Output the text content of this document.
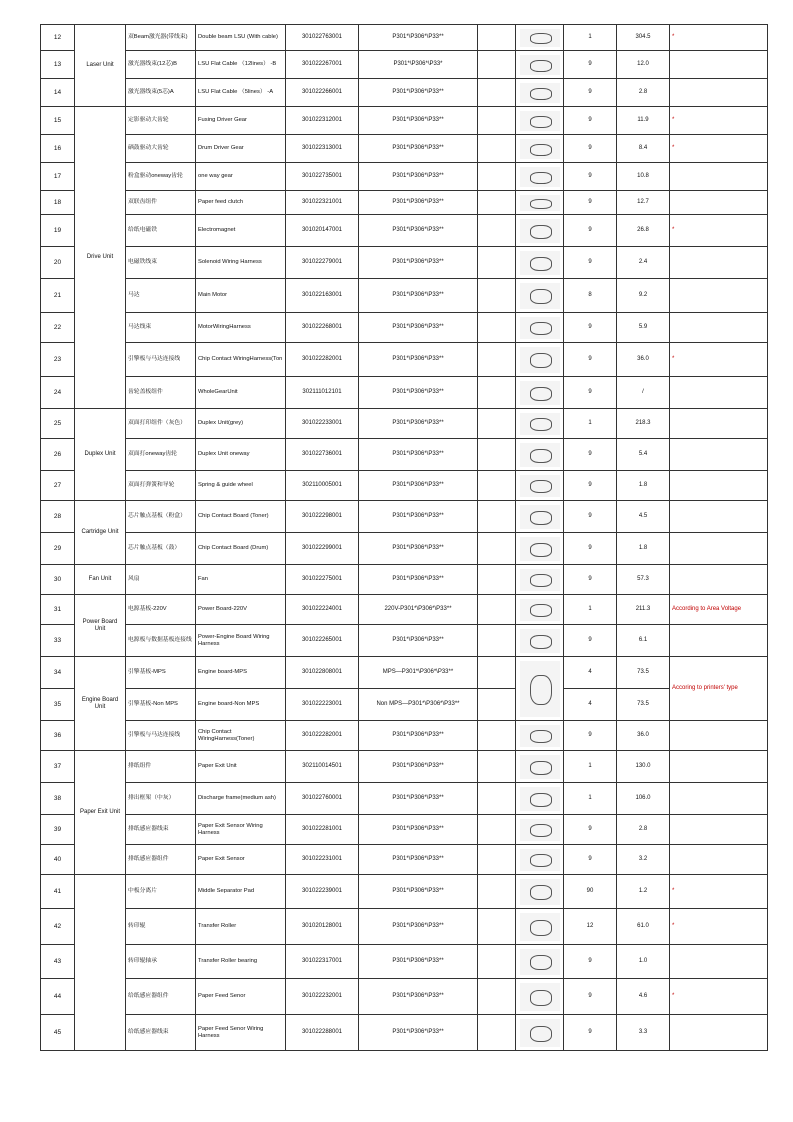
12	Laser Unit	双Beam激光器(带线束)	Double beam LSU (With cable)	301022763001	P301*\P306*\P33**			1	304.5	*
13		激光器线束(12芯)B	LSU Flat Cable （12lines） -B	301022267001	P301*\P306*\P33*			9	12.0	
14		激光器线束(5芯)A	LSU Flat Cable （5lines） -A	301022266001	P301*\P306*\P33**			9	2.8	
15	Drive Unit	定影驱动大齿轮	Fusing Driver Gear	301022312001	P301*\P306*\P33**			9	11.9	*
16		硒鼓驱动大齿轮	Drum Driver Gear	301022313001	P301*\P306*\P33**			9	8.4	*
17		粉盒驱动oneway齿轮	one way gear	301022735001	P301*\P306*\P33**			9	10.8	
18		双联齿组件	Paper feed clutch	301022321001	P301*\P306*\P33**			9	12.7	
19		给纸电磁铁	Electromagnet	301020147001	P301*\P306*\P33**			9	26.8	*
20		电磁铁线束	Solenoid Wiring Harness	301022279001	P301*\P306*\P33**			9	2.4	
21		马达	Main Motor	301022163001	P301*\P306*\P33**			8	9.2	
22		马达线束	MotorWiringHarness	301022268001	P301*\P306*\P33**			9	5.9	
23		引擎板与马达连接线	Chip Contact WiringHarness(Ton	301022282001	P301*\P306*\P33**			9	36.0	*
24		齿轮盖板组件	WholeGearUnit	302111012101	P301*\P306*\P33**			9	/	
25	Duplex Unit	双面打印组件（灰色）	Duplex Unit(grey)	301022233001	P301*\P306*\P33**			1	218.3	
26		双面打oneway齿轮	Duplex Unit oneway	301022736001	P301*\P306*\P33**			9	5.4	
27		双面打弹簧和导轮	Spring & guide wheel	302110005001	P301*\P306*\P33**			9	1.8	
28	Cartridge Unit	芯片触点基板（粉盒）	Chip Contact Board (Toner)	301022298001	P301*\P306*\P33**			9	4.5	
29		芯片触点基板（鼓）	Chip Contact Board (Drum)	301022299001	P301*\P306*\P33**			9	1.8	
30	Fan Unit	风扇	Fan	301022275001	P301*\P306*\P33**			9	57.3	
31	Power Board Unit	电源基板-220V	Power Board-220V	301022224001	220V-P301*\P306*\P33**			1	211.3	According to Area Voltage
33		电源板与数据基板连接线	Power-Engine Board Wiring Harness	301022265001	P301*\P306*\P33**			9	6.1	
34	Engine Board Unit	引擎基板-MPS	Engine board-MPS	301022808001	MPS—P301*\P306*\P33**			4	73.5	Accoring to printers' type
35		引擎基板-Non MPS	Engine board-Non MPS	301022223001	Non MPS—P301*\P306*\P33**			4	73.5	
36		引擎板与马达连接线	Chip Contact WiringHarness(Toner)	301022282001	P301*\P306*\P33**			9	36.0	
37	Paper Exit Unit	排纸组件	Paper Exit Unit	302110014501	P301*\P306*\P33**			1	130.0	
38		排出框架（中灰）	Discharge frame(medium ash)	301022760001	P301*\P306*\P33**			1	106.0	
39		排纸感应器线束	Paper Exit Sensor Wiring Harness	301022281001	P301*\P306*\P33**			9	2.8	
40		排纸感应器组件	Paper Exit Sensor	301022231001	P301*\P306*\P33**			9	3.2	
41		中板分离片	Middle Separator Pad	301022239001	P301*\P306*\P33**			90	1.2	*
42		转印辊	Transfer Roller	301020128001	P301*\P306*\P33**			12	61.0	*
43		转印辊轴承	Transfer Roller bearing	301022317001	P301*\P306*\P33**			9	1.0	
44		给纸感应器组件	Paper Feed Senor	301022232001	P301*\P306*\P33**			9	4.6	*
45		给纸感应器线束	Paper Feed Senor Wiring Harness	301022288001	P301*\P306*\P33**			9	3.3	
